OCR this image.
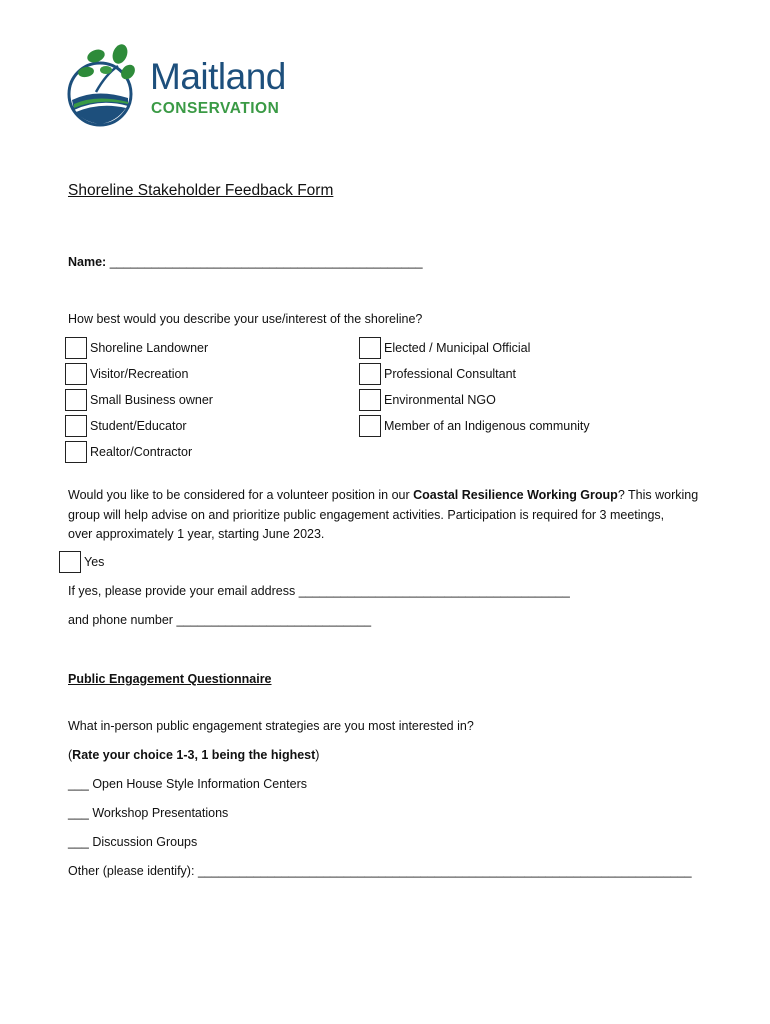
Maitland
CONSERVATION
Shoreline Stakeholder Feedback Form
Name: _____________________________________________
How best would you describe your use/interest of the shoreline?
Shoreline Landowner
Visitor/Recreation
Small Business owner
Student/Educator
Realtor/Contractor
Elected / Municipal Official
Professional Consultant
Environmental NGO
Member of an Indigenous community

Would you like to be considered for a volunteer position in our Coastal Resilience Working Group? This working

group will help advise on and prioritize public engagement activities. Participation is required for 3 meetings,

over approximately 1 year, starting June 2023.

Yes
If yes, please provide your email address _______________________________________
and phone number ____________________________
Public Engagement Questionnaire
What in-person public engagement strategies are you most interested in?
(Rate your choice 1-3, 1 being the highest)
___ Open House Style Information Centers
___ Workshop Presentations
___ Discussion Groups
Other (please identify): _______________________________________________________________________
